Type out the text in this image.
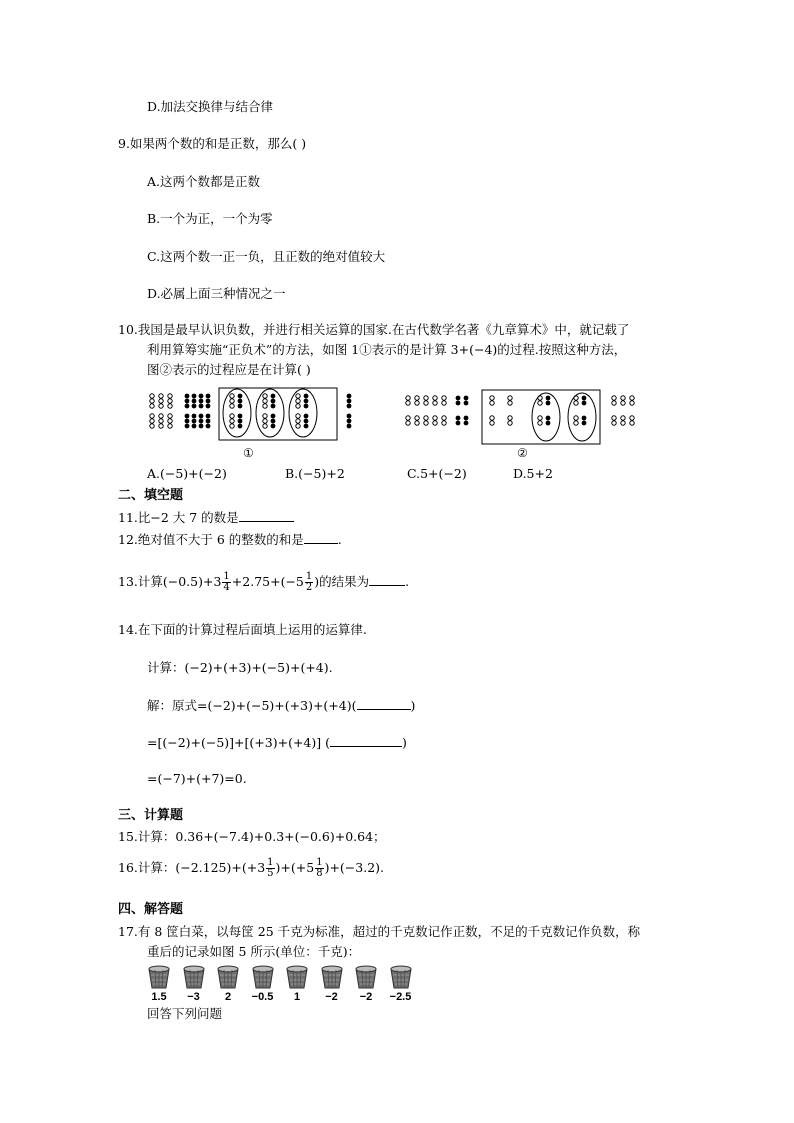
D.加法交换律与结合律
9.如果两个数的和是正数，那么( )
A.这两个数都是正数
B.一个为正，一个为零
C.这两个数一正一负，且正数的绝对值较大
D.必属上面三种情况之一
10.我国是最早认识负数，并进行相关运算的国家.在古代数学名著《九章算术》中，就记载了
利用算筹实施“正负术”的方法，如图 1①表示的是计算 3+(−4)的过程.按照这种方法，
图②表示的过程应是在计算( )
①	②
A.(−5)+(−2)	B.(−5)+2	C.5+(−2)	D.5+2
二、填空题
11.比−2 大 7 的数是
12.绝对值不大于 6 的整数的和是	.
13.计算$(-0.5)+3 \frac{1}{4} +2.75+(-5 \frac{1}{2}$ )的结果为	.
14.在下面的计算过程后面填上运用的运算律.
计算：(−2)+(+3)+(−5)+(+4).
解：原式=(−2)+(−5)+(+3)+(+4)(	)
=[(−2)+(−5)]+[(+3)+(+4)] (	)
=(−7)+(+7)=0.
三、计算题
15.计算：0.36+(−7.4)+0.3+(−0.6)+0.64；
16.计算：$(-2.125)+(+3 \frac{1}{5} )+(+5 \frac{1}{8} )+(-3.2)$.
四、解答题
17.有 8 筐白菜，以每筐 25 千克为标准，超过的千克数记作正数，不足的千克数记作负数，称
重后的记录如图 5 所示(单位：千克)：
1.5	−3	2	−0.5	1	−2	−2	−2.5
回答下列问题
